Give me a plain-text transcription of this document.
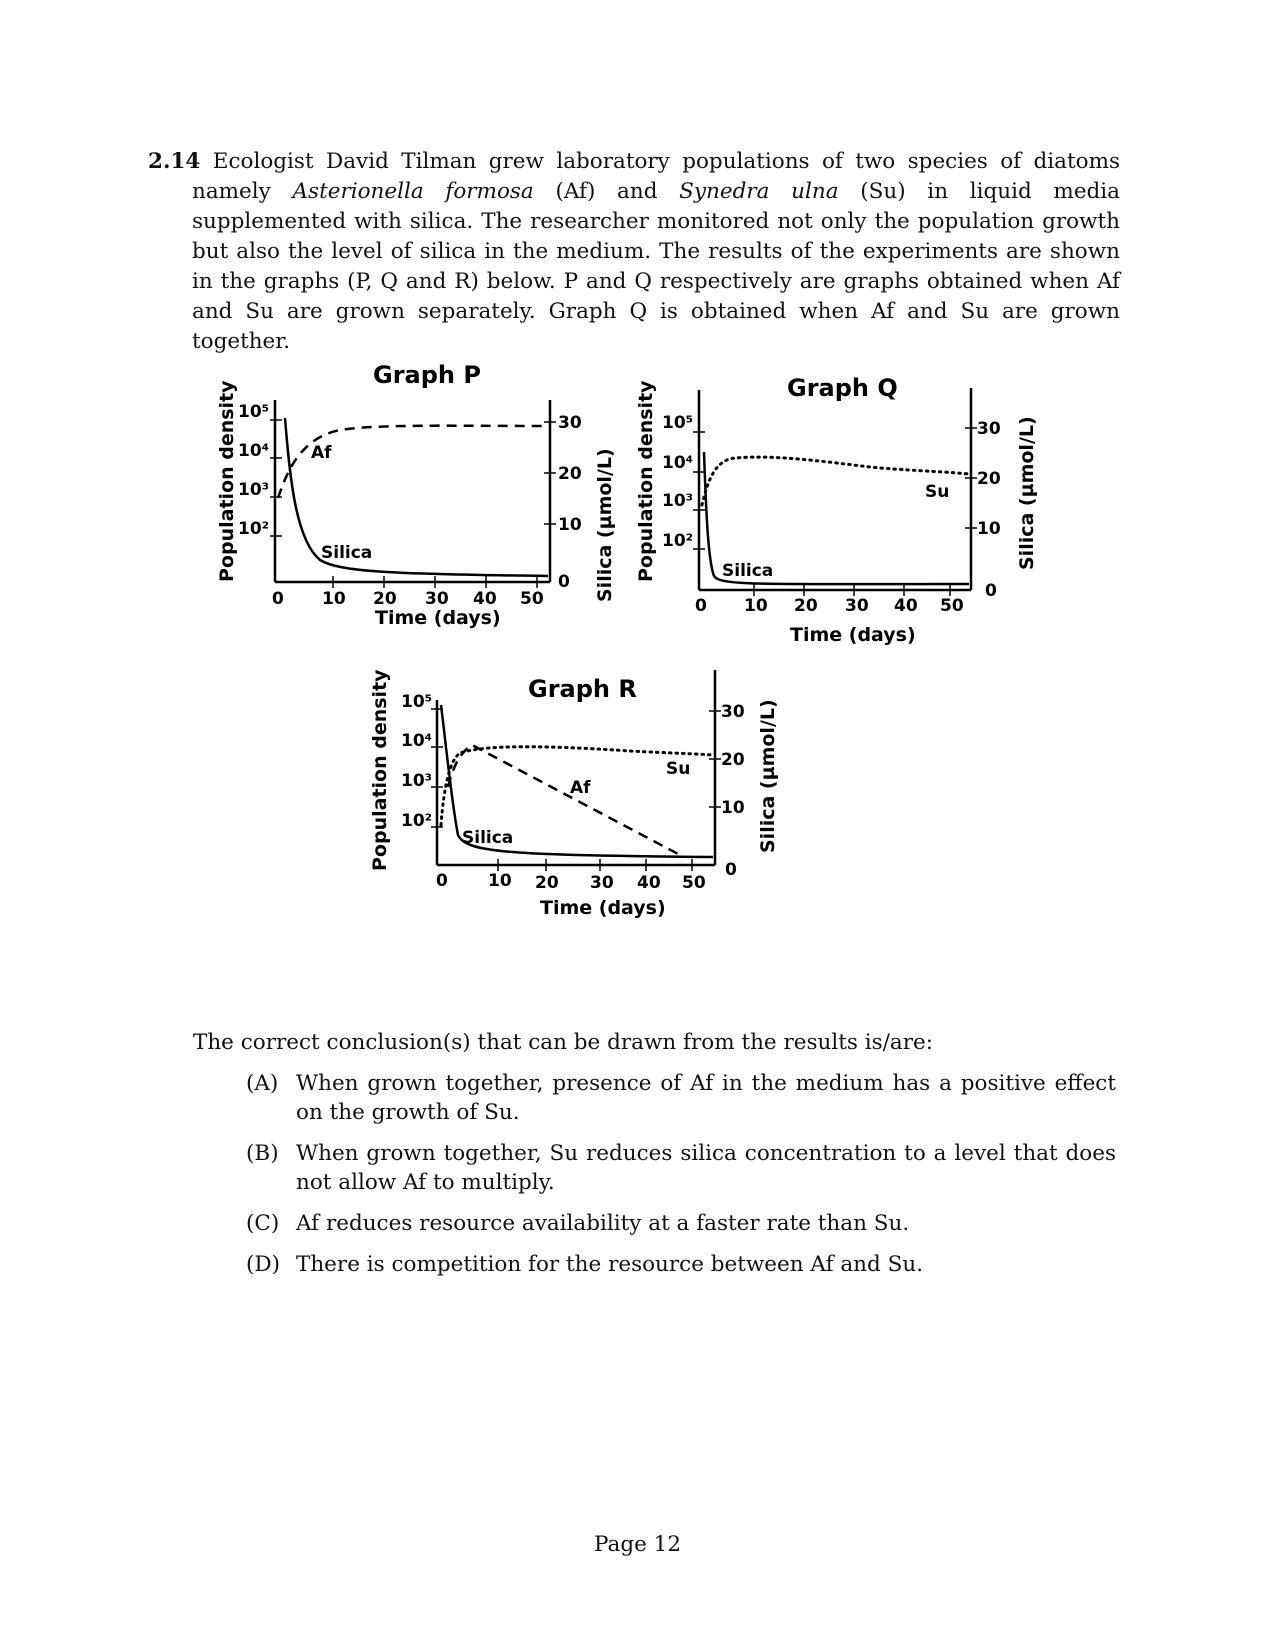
2.14 Ecologist David Tilman grew laboratory populations of two species of diatoms namely Asterionella formosa (Af) and Synedra ulna (Su) in liquid media supplemented with silica. The researcher monitored not only the population growth but also the level of silica in the medium. The results of the experiments are shown in the graphs (P, Q and R) below. P and Q respectively are graphs obtained when Af and Su are grown separately. Graph Q is obtained when Af and Su are grown together.
Graph P
Population density	Silica (µmol/L)
10⁵
10⁴
10³
10²
30
20
10
0
0 10 20 30 40 50
Time (days)
Af
Silica
Graph Q
Population density	Silica (µmol/L)
10⁵
10⁴
10³
10²
30
20
10
0
0 10 20 30 40 50
Time (days)
Su
Silica
Graph R
Population density	Silica (µmol/L)
10⁵
10⁴
10³
10²
30
20
10
0
0 10 20 30 40 50
Time (days)
Su
Af
Silica
The correct conclusion(s) that can be drawn from the results is/are:
(A) When grown together, presence of Af in the medium has a positive effect on the growth of Su.
(B) When grown together, Su reduces silica concentration to a level that does not allow Af to multiply.
(C) Af reduces resource availability at a faster rate than Su.
(D) There is competition for the resource between Af and Su.
Page 12
